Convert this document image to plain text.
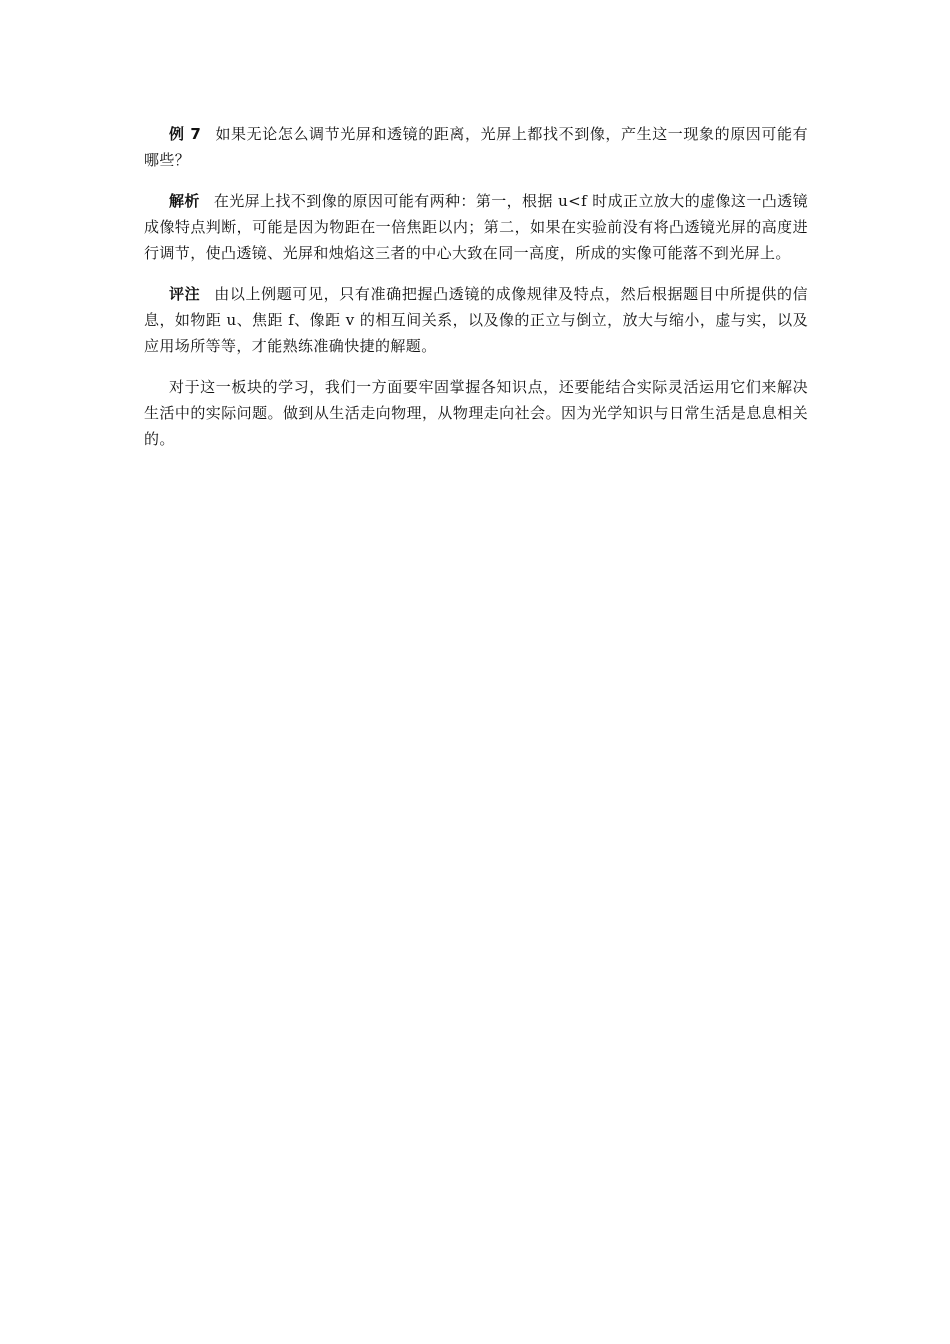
例 7 如果无论怎么调节光屏和透镜的距离，光屏上都找不到像，产生这一现象的原因可能有哪些？

解析 在光屏上找不到像的原因可能有两种：第一，根据 u<f 时成正立放大的虚像这一凸透镜成像特点判断，可能是因为物距在一倍焦距以内；第二，如果在实验前没有将凸透镜光屏的高度进行调节，使凸透镜、光屏和烛焰这三者的中心大致在同一高度，所成的实像可能落不到光屏上。

评注 由以上例题可见，只有准确把握凸透镜的成像规律及特点，然后根据题目中所提供的信息，如物距 u、焦距 f、像距 v 的相互间关系，以及像的正立与倒立，放大与缩小，虚与实，以及应用场所等等，才能熟练准确快捷的解题。

对于这一板块的学习，我们一方面要牢固掌握各知识点，还要能结合实际灵活运用它们来解决生活中的实际问题。做到从生活走向物理，从物理走向社会。因为光学知识与日常生活是息息相关的。
